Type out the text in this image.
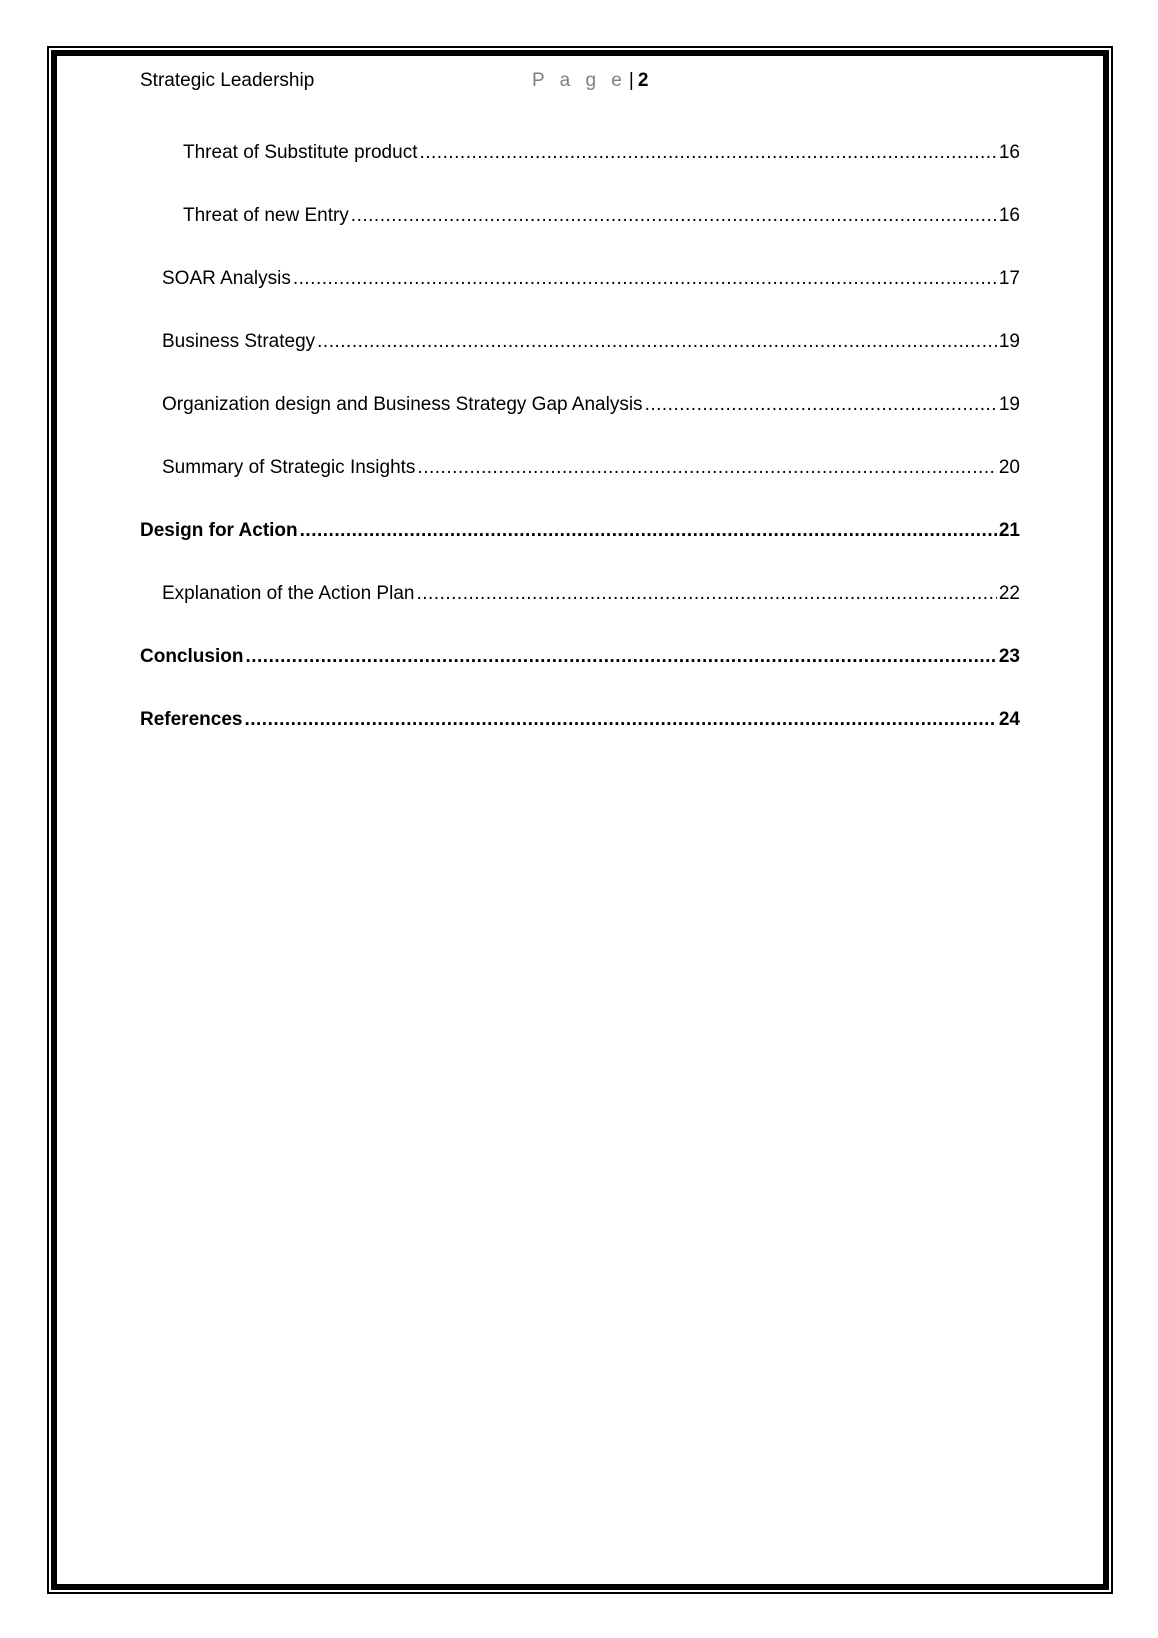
Strategic Leadership	P a g e | 2
Threat of Substitute product .....	16
Threat of new Entry .....	16
SOAR Analysis .....	17
Business Strategy .....	19
Organization design and Business Strategy Gap Analysis .....	19
Summary of Strategic Insights .....	20
Design for Action .....	21
Explanation of the Action Plan .....	22
Conclusion .....	23
References .....	24
